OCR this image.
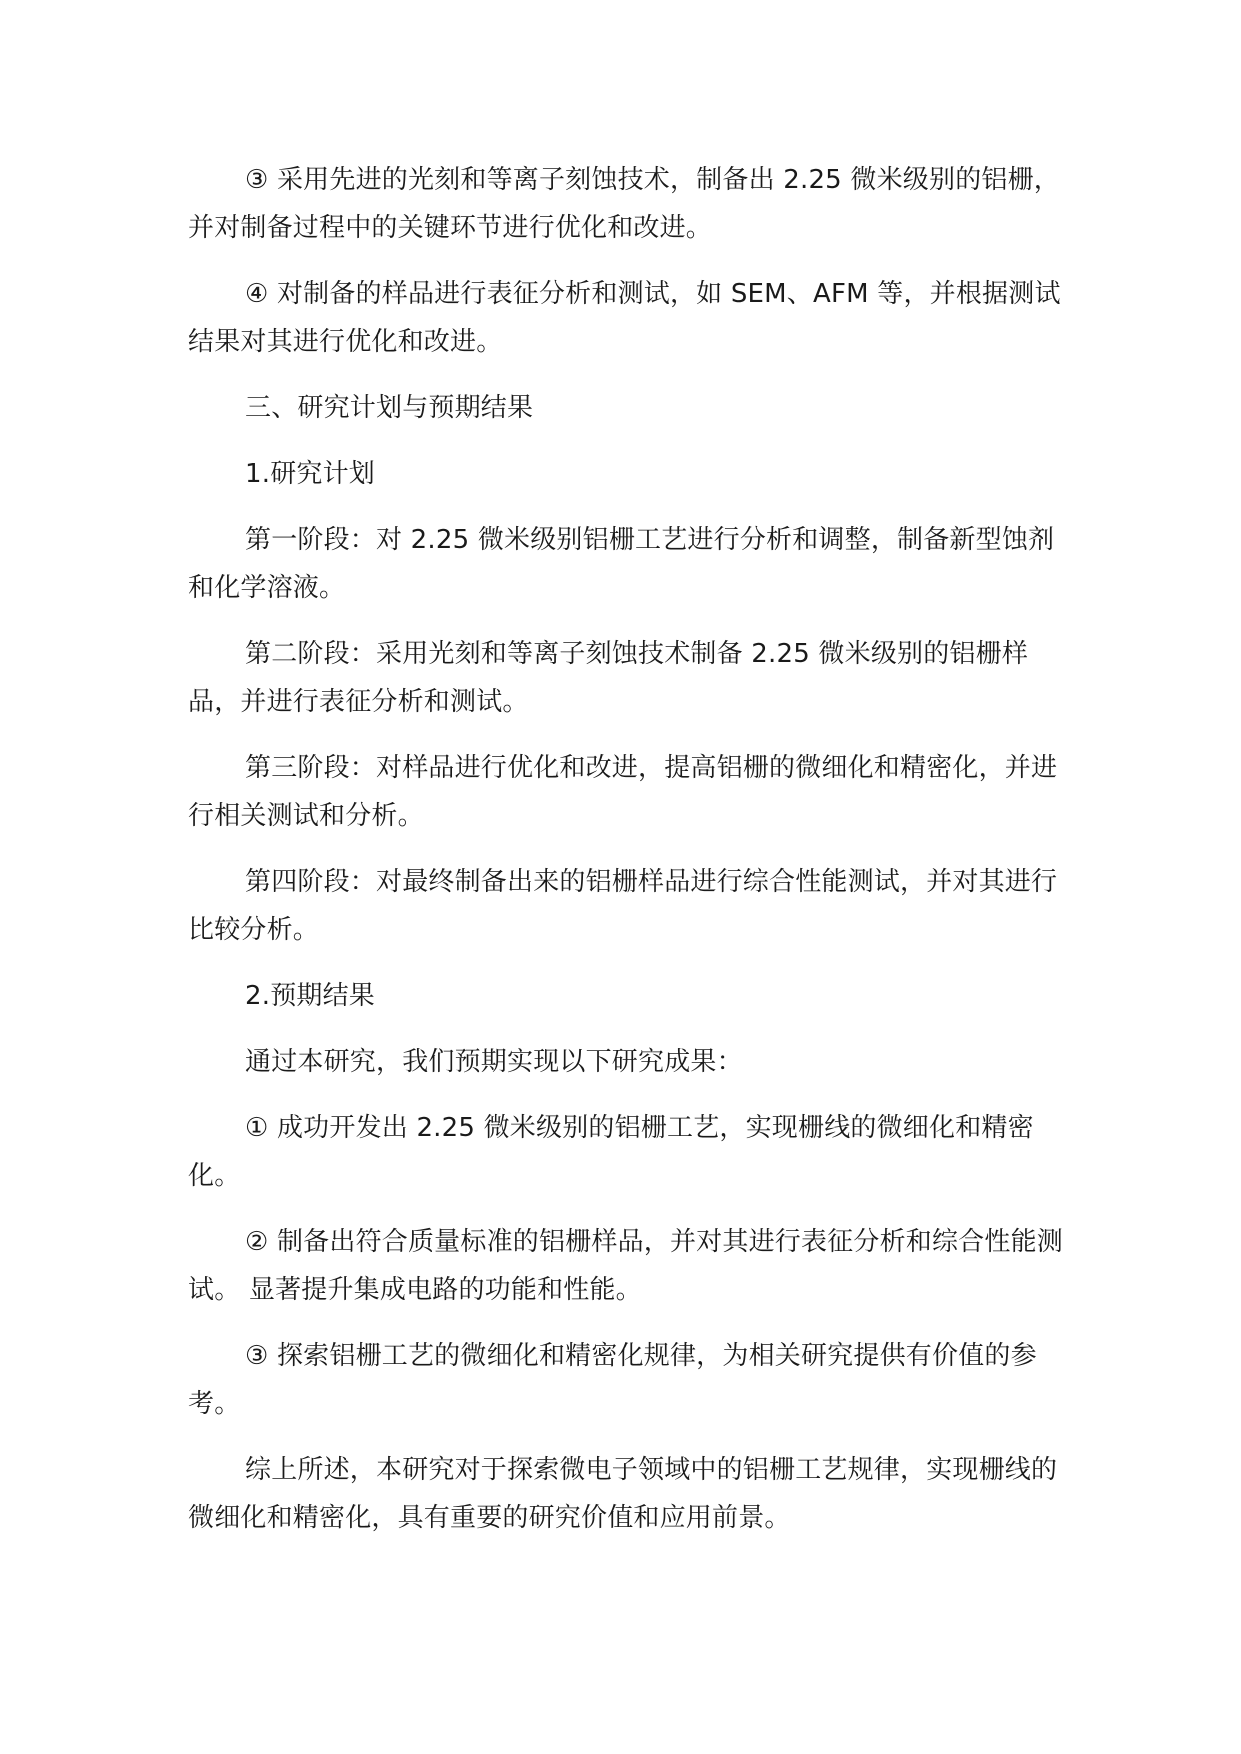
③ 采用先进的光刻和等离子刻蚀技术，制备出 2.25 微米级别的铝栅，并对制备过程中的关键环节进行优化和改进。

④ 对制备的样品进行表征分析和测试，如 SEM、AFM 等，并根据测试结果对其进行优化和改进。

三、研究计划与预期结果

1.研究计划

第一阶段：对 2.25 微米级别铝栅工艺进行分析和调整，制备新型蚀剂和化学溶液。

第二阶段：采用光刻和等离子刻蚀技术制备 2.25 微米级别的铝栅样品，并进行表征分析和测试。

第三阶段：对样品进行优化和改进，提高铝栅的微细化和精密化，并进行相关测试和分析。

第四阶段：对最终制备出来的铝栅样品进行综合性能测试，并对其进行比较分析。

2.预期结果

通过本研究，我们预期实现以下研究成果：

① 成功开发出 2.25 微米级别的铝栅工艺，实现栅线的微细化和精密化。

② 制备出符合质量标准的铝栅样品，并对其进行表征分析和综合性能测试。 显著提升集成电路的功能和性能。

③ 探索铝栅工艺的微细化和精密化规律，为相关研究提供有价值的参考。

综上所述，本研究对于探索微电子领域中的铝栅工艺规律，实现栅线的微细化和精密化，具有重要的研究价值和应用前景。
